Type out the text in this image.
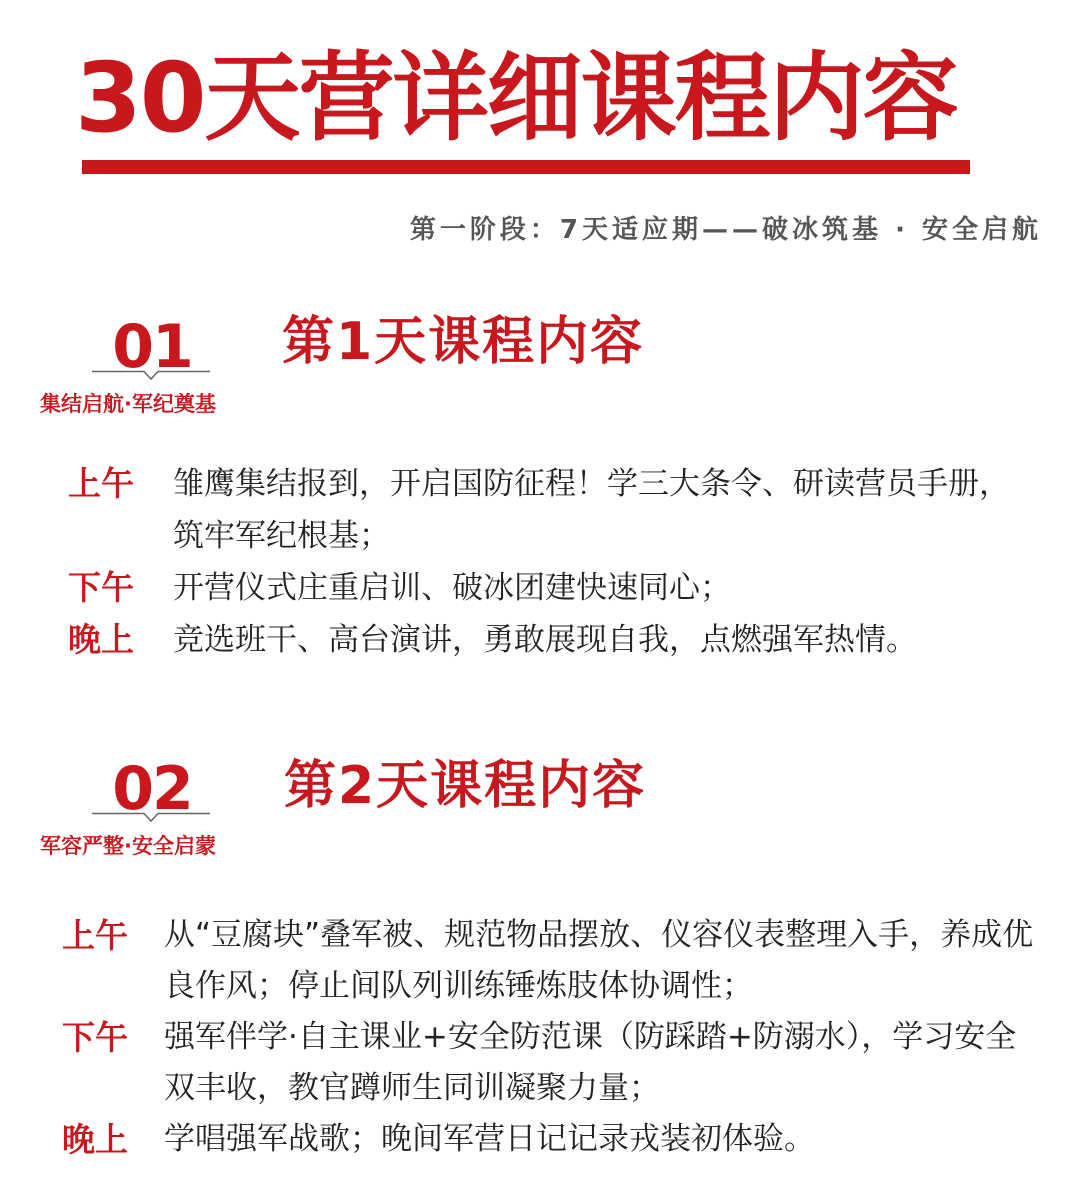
30天营详细课程内容
第一阶段：7天适应期——破冰筑基 · 安全启航
01
集结启航·军纪奠基
第1天课程内容
上午	雏鹰集结报到，开启国防征程！学三大条令、研读营员手册，筑牢军纪根基；
下午	开营仪式庄重启训、破冰团建快速同心；
晚上	竞选班干、高台演讲，勇敢展现自我，点燃强军热情。
02
军容严整·安全启蒙
第2天课程内容
上午	从“豆腐块”叠军被、规范物品摆放、仪容仪表整理入手，养成优良作风；停止间队列训练锤炼肢体协调性；
下午	强军伴学·自主课业+安全防范课（防踩踏+防溺水），学习安全双丰收，教官蹲师生同训凝聚力量；
晚上	学唱强军战歌；晚间军营日记记录戎装初体验。
